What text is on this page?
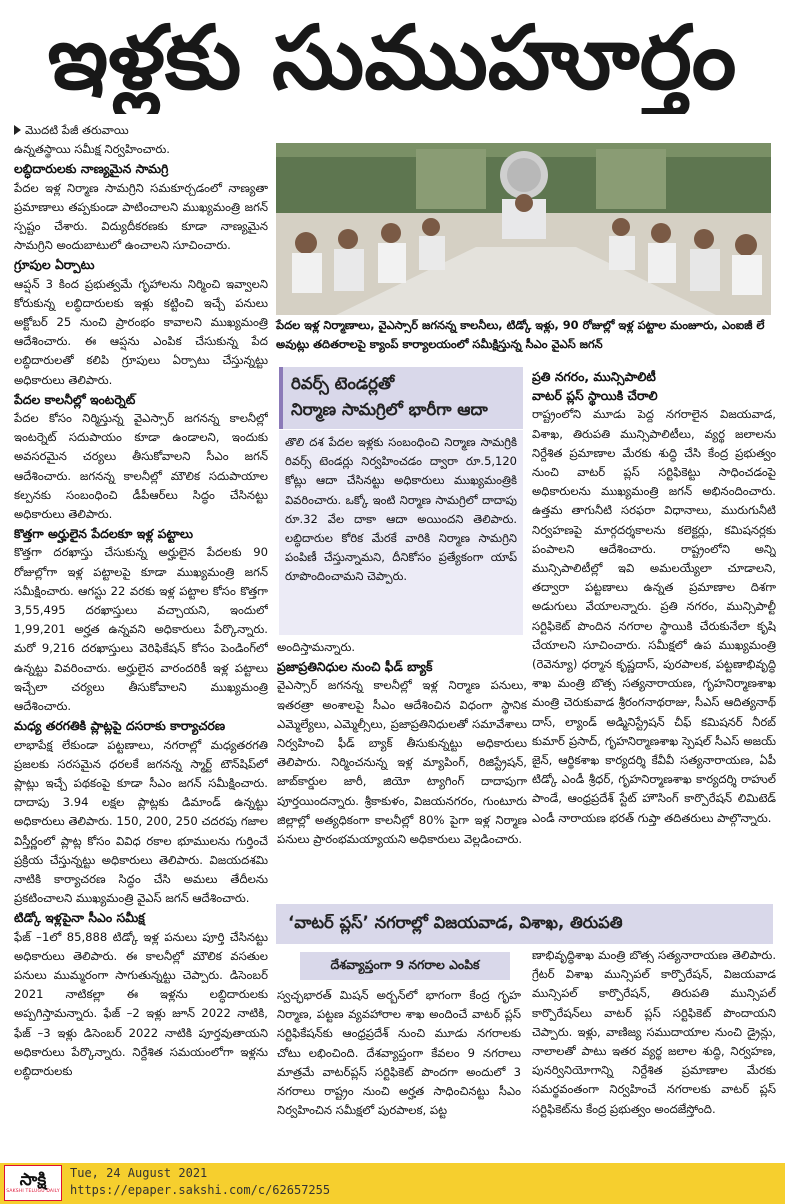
ఇళ్లకు సుముహూర్తం

మొదటి పేజీ తరువాయి

ఉన్నతస్థాయి సమీక్ష నిర్వహించారు.

లబ్ధిదారులకు నాణ్యమైన సామగ్రి

పేదల ఇళ్ల నిర్మాణ సామగ్రిని సమకూర్చడంలో నాణ్యతా ప్రమాణాలు తప్పకుండా పాటించాలని ముఖ్యమంత్రి జగన్ స్పష్టం చేశారు. విద్యుదీకరణకు కూడా నాణ్యమైన సామగ్రిని అందుబాటులో ఉంచాలని సూచించారు.

గ్రూపుల ఏర్పాటు

ఆప్షన్ 3 కింద ప్రభుత్వమే గృహాలను నిర్మించి ఇవ్వాలని కోరుకున్న లబ్ధిదారులకు ఇళ్లు కట్టించి ఇచ్చే పనులు అక్టోబర్ 25 నుంచి ప్రారంభం కావాలని ముఖ్యమంత్రి ఆదేశించారు. ఈ ఆప్షను ఎంపిక చేసుకున్న పేద లబ్ధిదారులతో కలిపి గ్రూపులు ఏర్పాటు చేస్తున్నట్టు అధికారులు తెలిపారు.

పేదల కాలనీల్లో ఇంటర్నెట్

పేదల కోసం నిర్మిస్తున్న వైఎస్సార్ జగనన్న కాలనీల్లో ఇంటర్నెట్ సదుపాయం కూడా ఉండాలని, ఇందుకు అవసరమైన చర్యలు తీసుకోవాలని సీఎం జగన్ ఆదేశించారు. జగనన్న కాలనీల్లో మౌలిక సదుపాయాల కల్పనకు సంబంధించి డీపీఆర్‌లు సిద్ధం చేసినట్టు అధికారులు తెలిపారు.

కొత్తగా అర్హులైన పేదలకూ ఇళ్ల పట్టాలు

కొత్తగా దరఖాస్తు చేసుకున్న అర్హులైన పేదలకు 90 రోజుల్లోగా ఇళ్ల పట్టాలపై కూడా ముఖ్యమంత్రి జగన్ సమీక్షించారు. ఆగస్టు 22 వరకు ఇళ్ల పట్టాల కోసం కొత్తగా 3,55,495 దరఖాస్తులు వచ్చాయని, ఇందులో 1,99,201 అర్హత ఉన్నవని అధికారులు పేర్కొన్నారు. మరో 9,216 దరఖాస్తులు వెరిఫికేషన్ కోసం పెండింగ్‌లో ఉన్నట్టు వివరించారు. అర్హులైన వారందరికీ ఇళ్ల పట్టాలు ఇచ్చేలా చర్యలు తీసుకోవాలని ముఖ్యమంత్రి ఆదేశించారు.

మధ్య తరగతికి ప్లాట్లపై దసరాకు కార్యాచరణ

లాభాపేక్ష లేకుండా పట్టణాలు, నగరాల్లో మధ్యతరగతి ప్రజలకు సరసమైన ధరలకే జగనన్న స్మార్ట్ టౌన్‌షిప్‌లో ప్లాట్లు ఇచ్చే పథకంపై కూడా సీఎం జగన్ సమీక్షించారు. దాదాపు 3.94 లక్షల ప్లాట్లకు డిమాండ్ ఉన్నట్టు అధికారులు తెలిపారు. 150, 200, 250 చదరపు గజాల విస్తీర్ణంలో ప్లాట్ల కోసం వివిధ రకాల భూములను గుర్తించే ప్రక్రియ చేస్తున్నట్టు అధికారులు తెలిపారు. విజయదశమి నాటికి కార్యాచరణ సిద్ధం చేసి అమలు తేదీలను ప్రకటించాలని ముఖ్యమంత్రి వైఎస్ జగన్ ఆదేశించారు.

టిడ్కో ఇళ్లపైనా సీఎం సమీక్ష

ఫేజ్ –1లో 85,888 టిడ్కో ఇళ్ల పనులు పూర్తి చేసినట్టు అధికారులు తెలిపారు. ఈ కాలనీల్లో మౌలిక వసతుల పనులు ముమ్మరంగా సాగుతున్నట్టు చెప్పారు. డిసెంబర్ 2021 నాటికల్లా ఈ ఇళ్లను లబ్ధిదారులకు అప్పగిస్తామన్నారు. ఫేజ్ –2 ఇళ్లు జూన్ 2022 నాటికి, ఫేజ్ –3 ఇళ్లు డిసెంబర్ 2022 నాటికి పూర్తవుతాయని అధికారులు పేర్కొన్నారు. నిర్దేశిత సమయంలోగా ఇళ్లను లబ్ధిదారులకు

పేదల ఇళ్ల నిర్మాణాలు, వైఎస్సార్ జగనన్న కాలనీలు, టిడ్కో ఇళ్లు, 90 రోజుల్లో ఇళ్ల పట్టాల మంజూరు, ఎంఐజీ లే అవుట్లు తదితరాలపై క్యాంప్ కార్యాలయంలో సమీక్షిస్తున్న సీఎం వైఎస్ జగన్
రివర్స్ టెండర్లతో
నిర్మాణ సామగ్రిలో భారీగా ఆదా
తొలి దశ పేదల ఇళ్లకు సంబంధించి నిర్మాణ సామగ్రికి రివర్స్ టెండర్లు నిర్వహించడం ద్వారా రూ.5,120 కోట్లు ఆదా చేసినట్టు అధికారులు ముఖ్యమంత్రికి వివరించారు. ఒక్కో ఇంటి నిర్మాణ సామగ్రిలో దాదాపు రూ.32 వేల దాకా ఆదా అయిందని తెలిపారు. లబ్ధిదారుల కోరిక మేరకే వారికి నిర్మాణ సామగ్రిని పంపిణీ చేస్తున్నామని, దీనికోసం ప్రత్యేకంగా యాప్ రూపొందించామని చెప్పారు.

అందిస్తామన్నారు.

ప్రజాప్రతినిధుల నుంచి ఫీడ్ బ్యాక్

వైఎస్సార్ జగనన్న కాలనీల్లో ఇళ్ల నిర్మాణ పనులు, ఇతరత్రా అంశాలపై సీఎం ఆదేశించిన విధంగా స్థానిక ఎమ్మెల్యేలు, ఎమ్మెల్సీలు, ప్రజాప్రతినిధులతో సమావేశాలు నిర్వహించి ఫీడ్ బ్యాక్ తీసుకున్నట్టు అధికారులు తెలిపారు. నిర్మించనున్న ఇళ్ల మ్యాపింగ్, రిజిస్ట్రేషన్, జాబ్‌కార్డుల జారీ, జియో ట్యాగింగ్ దాదాపుగా పూర్తయిందన్నారు. శ్రీకాకుళం, విజయనగరం, గుంటూరు జిల్లాల్లో అత్యధికంగా కాలనీల్లో 80% పైగా ఇళ్ల నిర్మాణ పనులు ప్రారంభమయ్యాయని అధికారులు వెల్లడించారు.

ప్రతి నగరం, మున్సిపాలిటీ

వాటర్ ప్లస్ స్థాయికి చేరాలి

రాష్ట్రంలోని మూడు పెద్ద నగరాలైన విజయవాడ, విశాఖ, తిరుపతి మున్సిపాలిటీలు, వ్యర్థ జలాలను నిర్దేశిత ప్రమాణాల మేరకు శుద్ధి చేసి కేంద్ర ప్రభుత్వం నుంచి వాటర్ ప్లస్ సర్టిఫికెట్టు సాధించడంపై అధికారులను ముఖ్యమంత్రి జగన్ అభినందించారు. ఉత్తమ తాగునీటి సరఫరా విధానాలు, మురుగునీటి నిర్వహణపై మార్గదర్శకాలను కలెక్టర్లు, కమిషనర్లకు పంపాలని ఆదేశించారు. రాష్ట్రంలోని అన్ని మున్సిపాలిటీల్లో ఇవి అమలయ్యేలా చూడాలని, తద్వారా పట్టణాలు ఉన్నత ప్రమాణాల దిశగా అడుగులు వేయాలన్నారు. ప్రతి నగరం, మున్సిపాల్టీ సర్టిఫికెట్ పొందిన నగరాల స్థాయికి చేరుకునేలా కృషి చేయాలని సూచించారు. సమీక్షలో ఉప ముఖ్యమంత్రి (రెవెన్యూ) ధర్మాన కృష్ణదాస్, పురపాలక, పట్టణాభివృద్ధి శాఖ మంత్రి బొత్స సత్యనారాయణ, గృహనిర్మాణశాఖ మంత్రి చెరుకువాడ శ్రీరంగనాథరాజు, సీఎస్ ఆదిత్యనాథ్ దాస్, ల్యాండ్ అడ్మినిస్ట్రేషన్ చీఫ్ కమిషనర్ నీరబ్ కుమార్ ప్రసాద్, గృహనిర్మాణశాఖ స్పెషల్ సీఎస్ అజయ్ జైన్, ఆర్థికశాఖ కార్యదర్శి కేవీవీ సత్యనారాయణ, ఏపీ టిడ్కో ఎండీ శ్రీధర్, గృహనిర్మాణశాఖ కార్యదర్శి రాహుల్ పాండే, ఆంధ్రప్రదేశ్ స్టేట్ హౌసింగ్ కార్పొరేషన్ లిమిటెడ్ ఎండీ నారాయణ భరత్ గుప్తా తదితరులు పాల్గొన్నారు.

‘వాటర్ ప్లస్’ నగరాల్లో విజయవాడ, విశాఖ, తిరుపతి
దేశవ్యాప్తంగా 9 నగరాల ఎంపిక
స్వచ్ఛభారత్ మిషన్ అర్బన్‌లో భాగంగా కేంద్ర గృహ నిర్మాణ, పట్టణ వ్యవహారాల శాఖ అందించే వాటర్ ప్లస్ సర్టిఫికేషన్‌కు ఆంధ్రప్రదేశ్ నుంచి మూడు నగరాలకు చోటు లభించింది. దేశవ్యాప్తంగా కేవలం 9 నగరాలు మాత్రమే వాటర్‌ప్లస్ సర్టిఫికెట్ పొందగా అందులో 3 నగరాలు రాష్ట్రం నుంచి అర్హత సాధించినట్టు సీఎం నిర్వహించిన సమీక్షలో పురపాలక, పట్ట
ణాభివృద్ధిశాఖ మంత్రి బొత్స సత్యనారాయణ తెలిపారు. గ్రేటర్ విశాఖ మున్సిపల్ కార్పొరేషన్, విజయవాడ మున్సిపల్ కార్పొరేషన్, తిరుపతి మున్సిపల్ కార్పొరేషన్‌లు వాటర్ ప్లస్ సర్టిఫికెట్ పొందాయని చెప్పారు. ఇళ్లు, వాణిజ్య సముదాయాల నుంచి డ్రైన్లు, నాలాలతో పాటు ఇతర వ్యర్థ జలాల శుద్ధి, నిర్వహణ, పునర్వినియోగాన్ని నిర్దేశిత ప్రమాణాల మేరకు సమర్థవంతంగా నిర్వహించే నగరాలకు వాటర్ ప్లస్ సర్టిఫికెట్‌ను కేంద్ర ప్రభుత్వం అందజేస్తోంది.
సాక్షి
SAKSHI TELUGU DAILY
Tue, 24 August 2021
https://epaper.sakshi.com/c/62657255
